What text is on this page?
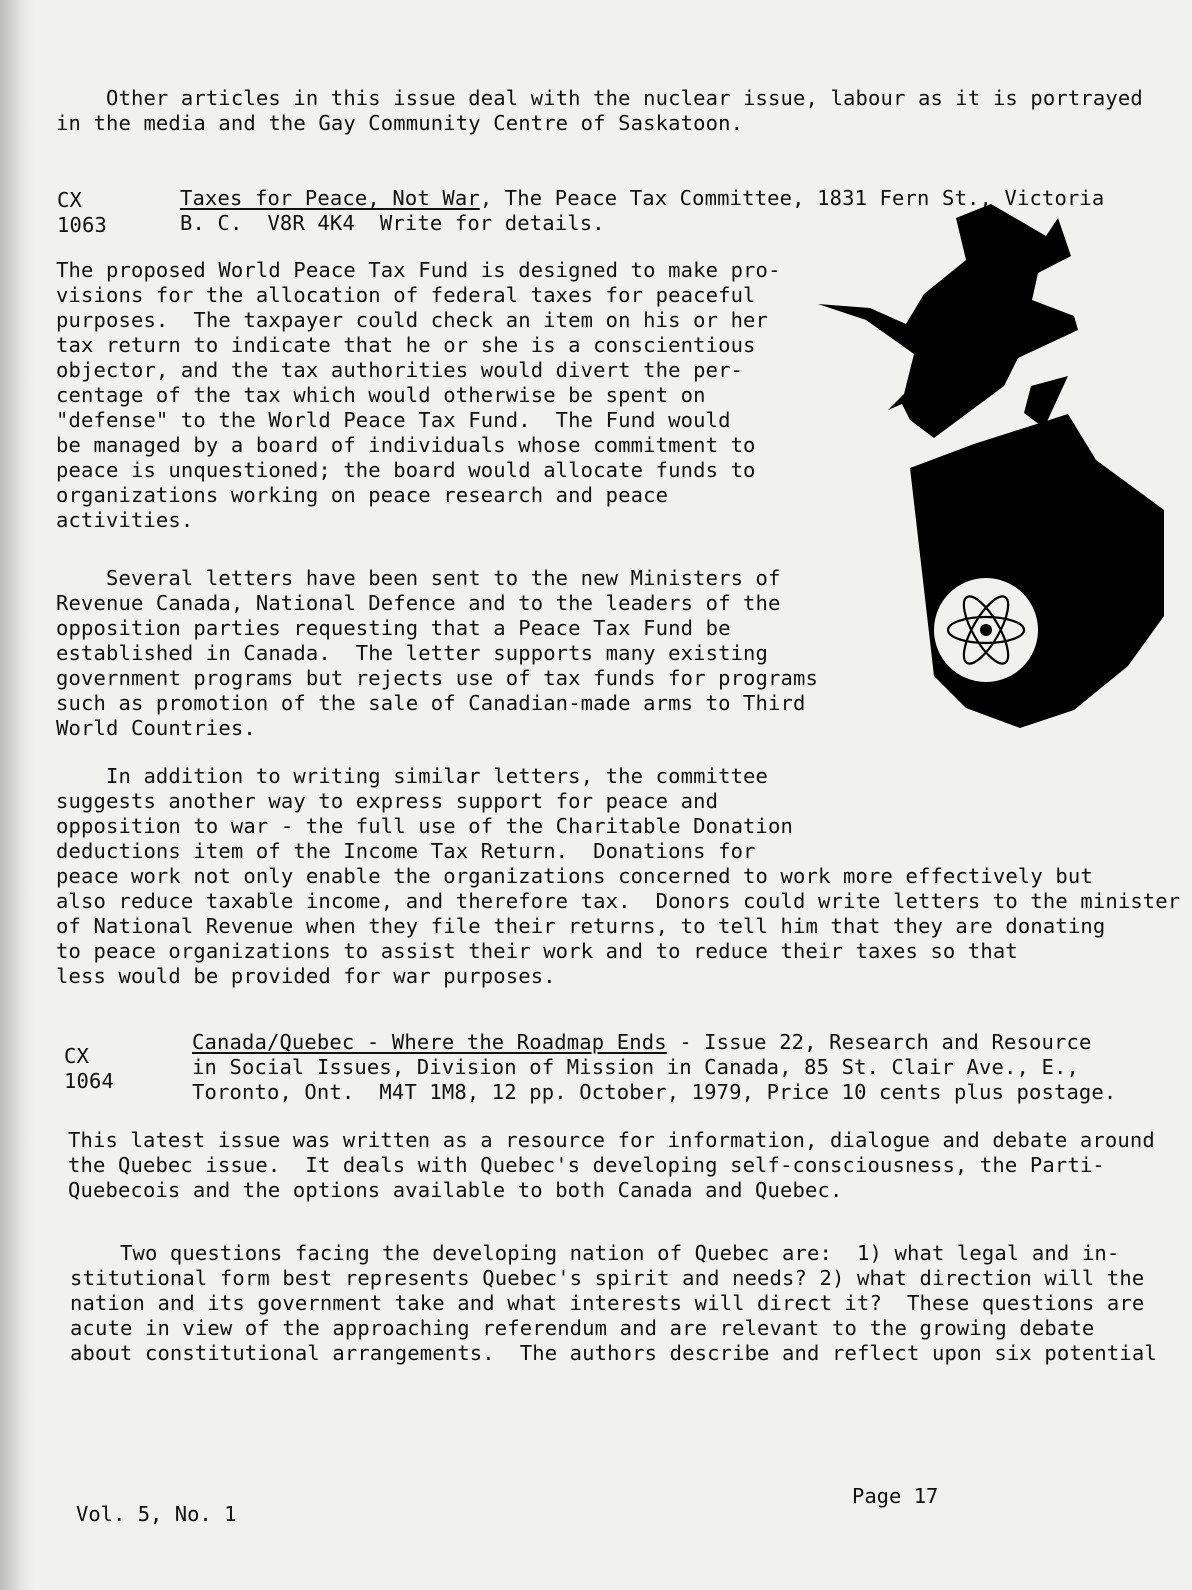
Other articles in this issue deal with the nuclear issue, labour as it is portrayed
in the media and the Gay Community Centre of Saskatoon.
CX
1063
Taxes for Peace, Not War, The Peace Tax Committee, 1831 Fern St., Victoria
B. C.  V8R 4K4  Write for details.
The proposed World Peace Tax Fund is designed to make pro-
visions for the allocation of federal taxes for peaceful
purposes.  The taxpayer could check an item on his or her
tax return to indicate that he or she is a conscientious
objector, and the tax authorities would divert the per-
centage of the tax which would otherwise be spent on
"defense" to the World Peace Tax Fund.  The Fund would
be managed by a board of individuals whose commitment to
peace is unquestioned; the board would allocate funds to
organizations working on peace research and peace
activities.
Several letters have been sent to the new Ministers of
Revenue Canada, National Defence and to the leaders of the
opposition parties requesting that a Peace Tax Fund be
established in Canada.  The letter supports many existing
government programs but rejects use of tax funds for programs
such as promotion of the sale of Canadian-made arms to Third
World Countries.
In addition to writing similar letters, the committee
suggests another way to express support for peace and
opposition to war - the full use of the Charitable Donation
deductions item of the Income Tax Return.  Donations for
peace work not only enable the organizations concerned to work more effectively but
also reduce taxable income, and therefore tax.  Donors could write letters to the minister
of National Revenue when they file their returns, to tell him that they are donating
to peace organizations to assist their work and to reduce their taxes so that
less would be provided for war purposes.
CX
1064
Canada/Quebec - Where the Roadmap Ends - Issue 22, Research and Resource
in Social Issues, Division of Mission in Canada, 85 St. Clair Ave., E.,
Toronto, Ont.  M4T 1M8, 12 pp. October, 1979, Price 10 cents plus postage.
This latest issue was written as a resource for information, dialogue and debate around
the Quebec issue.  It deals with Quebec's developing self-consciousness, the Parti-
Quebecois and the options available to both Canada and Quebec.
Two questions facing the developing nation of Quebec are:  1) what legal and in-
stitutional form best represents Quebec's spirit and needs? 2) what direction will the
nation and its government take and what interests will direct it?  These questions are
acute in view of the approaching referendum and are relevant to the growing debate
about constitutional arrangements.  The authors describe and reflect upon six potential
Vol. 5, No. 1
Page 17
